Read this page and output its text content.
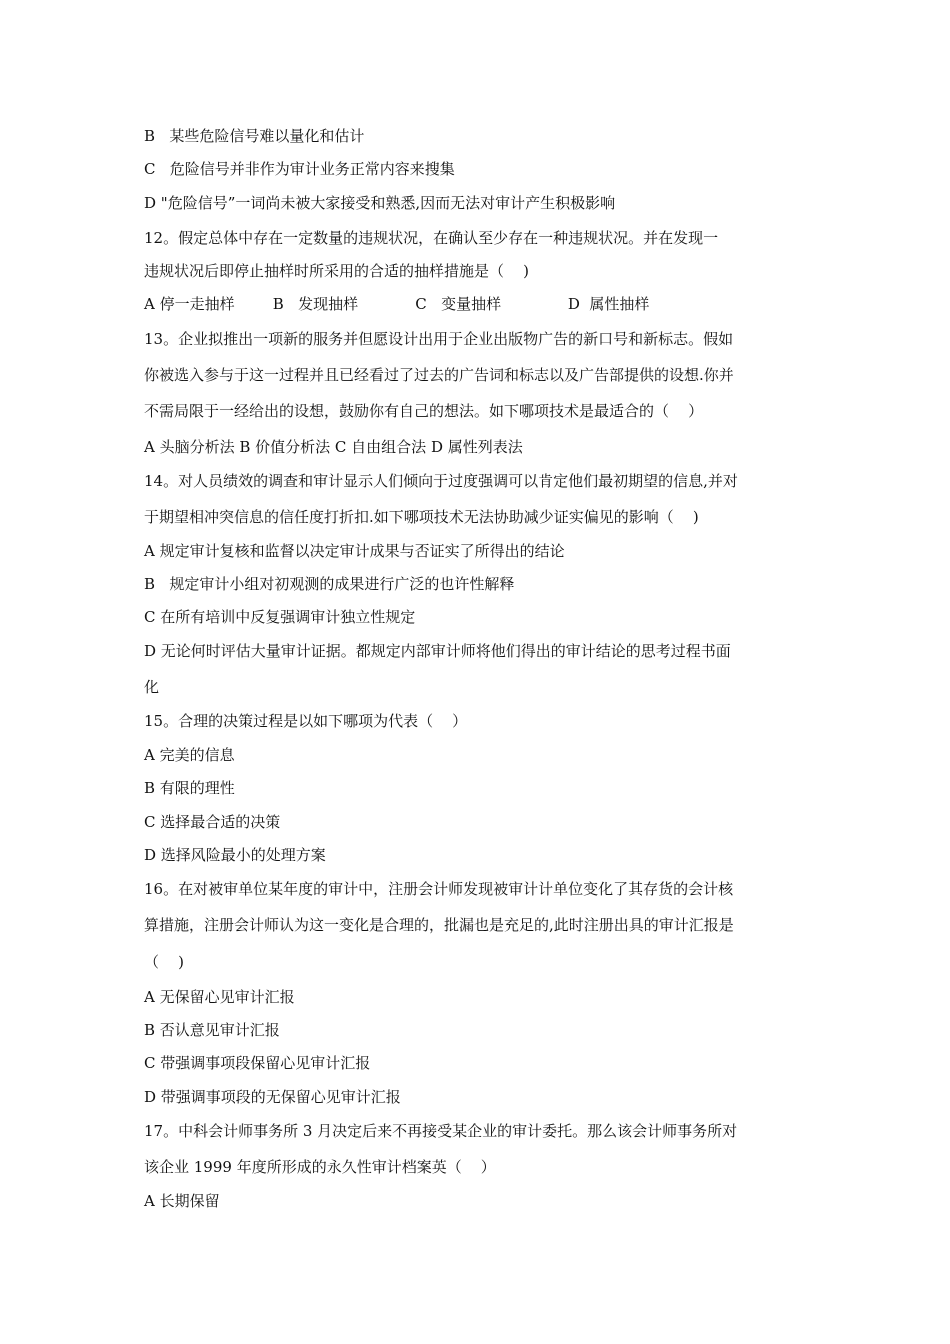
B   某些危险信号难以量化和估计
C   危险信号并非作为审计业务正常内容来搜集
D "危险信号”一词尚未被大家接受和熟悉,因而无法对审计产生积极影响
12。假定总体中存在一定数量的违规状况，在确认至少存在一种违规状况。并在发现一
违规状况后即停止抽样时所采用的合适的抽样措施是（    )
A 停一走抽样        B   发现抽样            C   变量抽样              D  属性抽样
13。企业拟推出一项新的服务并但愿设计出用于企业出版物广告的新口号和新标志。假如
你被选入参与于这一过程并且已经看过了过去的广告词和标志以及广告部提供的设想.你并
不需局限于一经给出的设想，鼓励你有自己的想法。如下哪项技术是最适合的（    ）
A 头脑分析法 B 价值分析法 C 自由组合法 D 属性列表法
14。对人员绩效的调查和审计显示人们倾向于过度强调可以肯定他们最初期望的信息,并对
于期望相冲突信息的信任度打折扣.如下哪项技术无法协助减少证实偏见的影响（    )
A 规定审计复核和监督以决定审计成果与否证实了所得出的结论
B   规定审计小组对初观测的成果进行广泛的也许性解释
C 在所有培训中反复强调审计独立性规定
D 无论何时评估大量审计证据。都规定内部审计师将他们得出的审计结论的思考过程书面
化
15。合理的决策过程是以如下哪项为代表（    ）
A 完美的信息
B 有限的理性
C 选择最合适的决策
D 选择风险最小的处理方案
16。在对被审单位某年度的审计中，注册会计师发现被审计计单位变化了其存货的会计核
算措施，注册会计师认为这一变化是合理的，批漏也是充足的,此时注册出具的审计汇报是
（    )
A 无保留心见审计汇报
B 否认意见审计汇报
C 带强调事项段保留心见审计汇报
D 带强调事项段的无保留心见审计汇报
17。中科会计师事务所 3 月决定后来不再接受某企业的审计委托。那么该会计师事务所对
该企业 1999 年度所形成的永久性审计档案英（    ）
A 长期保留
